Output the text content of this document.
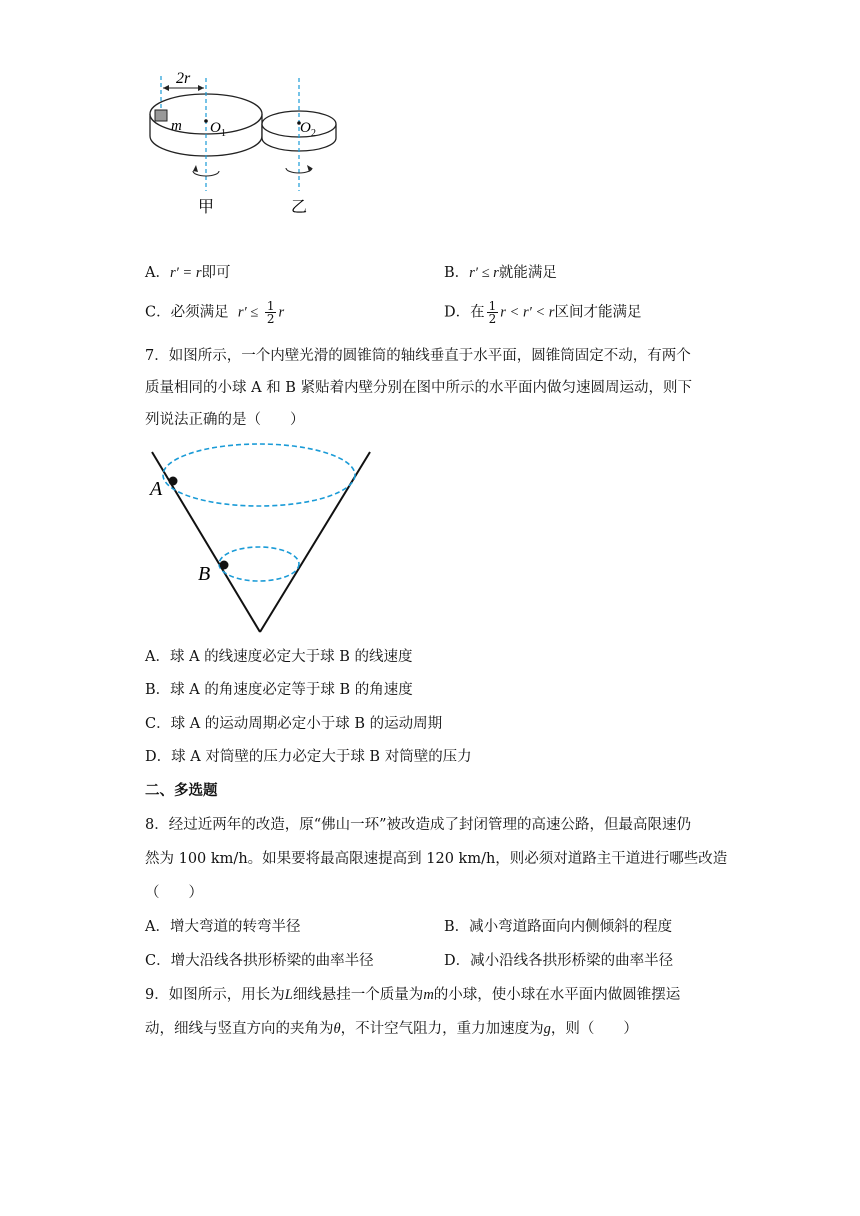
2r
m O 1	O 2
甲	乙
A．r′ = r即可	B．r′ ≤ r就能满足
C．必须满足 $r' \le \frac{1}{2}$ r	D．在 $\frac{1}{2}$ r < r′ < r区间才能满足
7．如图所示，一个内壁光滑的圆锥筒的轴线垂直于水平面，圆锥筒固定不动，有两个
质量相同的小球 A 和 B 紧贴着内壁分别在图中所示的水平面内做匀速圆周运动，则下
列说法正确的是（　　）
A
B
A．球 A 的线速度必定大于球 B 的线速度
B．球 A 的角速度必定等于球 B 的角速度
C．球 A 的运动周期必定小于球 B 的运动周期
D．球 A 对筒壁的压力必定大于球 B 对筒壁的压力
二、多选题
8．经过近两年的改造，原“佛山一环”被改造成了封闭管理的高速公路，但最高限速仍
然为 100 km/h。如果要将最高限速提高到 120 km/h，则必须对道路主干道进行哪些改造
（　　）
A．增大弯道的转弯半径	B．减小弯道路面向内侧倾斜的程度
C．增大沿线各拱形桥梁的曲率半径	D．减小沿线各拱形桥梁的曲率半径
9．如图所示，用长为L细线悬挂一个质量为m的小球，使小球在水平面内做圆锥摆运
动，细线与竖直方向的夹角为θ，不计空气阻力，重力加速度为g，则（　　）
